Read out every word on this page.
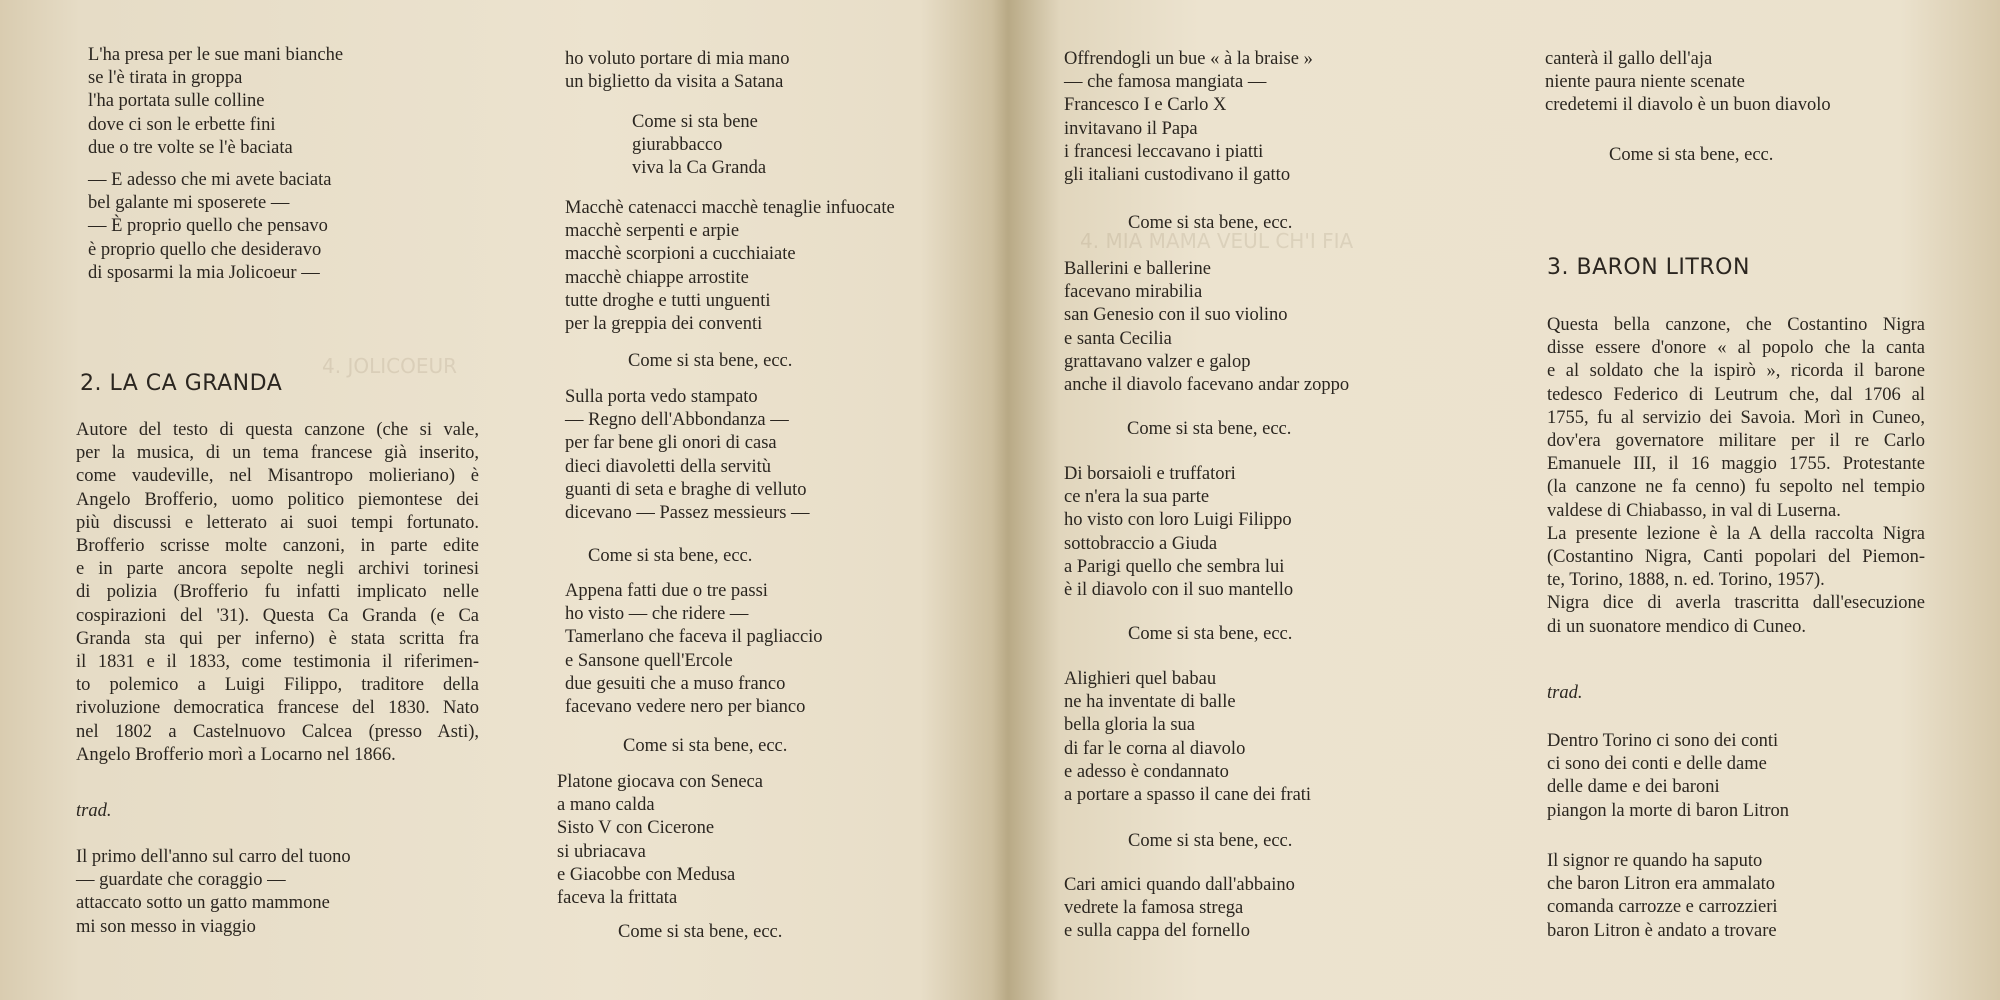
4. JOLICOEUR
4. MIA MAMA VEUL CH'I FIA
L'ha presa per le sue mani bianche
se l'è tirata in groppa
l'ha portata sulle colline
dove ci son le erbette fini
due o tre volte se l'è baciata
— E adesso che mi avete baciata
bel galante mi sposerete —
— È proprio quello che pensavo
è proprio quello che desideravo
di sposarmi la mia Jolicoeur —
2. LA CA GRANDA
Autore del testo di questa canzone (che si vale,
per la musica, di un tema francese già inserito,
come vaudeville, nel Misantropo molieriano) è
Angelo Brofferio, uomo politico piemontese dei
più discussi e letterato ai suoi tempi fortunato.
Brofferio scrisse molte canzoni, in parte edite
e in parte ancora sepolte negli archivi torinesi
di polizia (Brofferio fu infatti implicato nelle
cospirazioni del '31). Questa Ca Granda (e Ca
Granda sta qui per inferno) è stata scritta fra
il 1831 e il 1833, come testimonia il riferimen-
to polemico a Luigi Filippo, traditore della
rivoluzione democratica francese del 1830. Nato
nel 1802 a Castelnuovo Calcea (presso Asti),
Angelo Brofferio morì a Locarno nel 1866.
trad.
Il primo dell'anno sul carro del tuono
— guardate che coraggio —
attaccato sotto un gatto mammone
mi son messo in viaggio
ho voluto portare di mia mano
un biglietto da visita a Satana
Come si sta bene
giurabbacco
viva la Ca Granda
Macchè catenacci macchè tenaglie infuocate
macchè serpenti e arpie
macchè scorpioni a cucchiaiate
macchè chiappe arrostite
tutte droghe e tutti unguenti
per la greppia dei conventi
Come si sta bene, ecc.
Sulla porta vedo stampato
— Regno dell'Abbondanza —
per far bene gli onori di casa
dieci diavoletti della servitù
guanti di seta e braghe di velluto
dicevano — Passez messieurs —
Come si sta bene, ecc.
Appena fatti due o tre passi
ho visto — che ridere —
Tamerlano che faceva il pagliaccio
e Sansone quell'Ercole
due gesuiti che a muso franco
facevano vedere nero per bianco
Come si sta bene, ecc.
Platone giocava con Seneca
a mano calda
Sisto V con Cicerone
si ubriacava
e Giacobbe con Medusa
faceva la frittata
Come si sta bene, ecc.
Offrendogli un bue « à la braise »
— che famosa mangiata —
Francesco I e Carlo X
invitavano il Papa
i francesi leccavano i piatti
gli italiani custodivano il gatto
Come si sta bene, ecc.
Ballerini e ballerine
facevano mirabilia
san Genesio con il suo violino
e santa Cecilia
grattavano valzer e galop
anche il diavolo facevano andar zoppo
Come si sta bene, ecc.
Di borsaioli e truffatori
ce n'era la sua parte
ho visto con loro Luigi Filippo
sottobraccio a Giuda
a Parigi quello che sembra lui
è il diavolo con il suo mantello
Come si sta bene, ecc.
Alighieri quel babau
ne ha inventate di balle
bella gloria la sua
di far le corna al diavolo
e adesso è condannato
a portare a spasso il cane dei frati
Come si sta bene, ecc.
Cari amici quando dall'abbaino
vedrete la famosa strega
e sulla cappa del fornello
canterà il gallo dell'aja
niente paura niente scenate
credetemi il diavolo è un buon diavolo
Come si sta bene, ecc.
3. BARON LITRON
Questa bella canzone, che Costantino Nigra
disse essere d'onore « al popolo che la canta
e al soldato che la ispirò », ricorda il barone
tedesco Federico di Leutrum che, dal 1706 al
1755, fu al servizio dei Savoia. Morì in Cuneo,
dov'era governatore militare per il re Carlo
Emanuele III, il 16 maggio 1755. Protestante
(la canzone ne fa cenno) fu sepolto nel tempio
valdese di Chiabasso, in val di Luserna.
La presente lezione è la A della raccolta Nigra
(Costantino Nigra, Canti popolari del Piemon-
te, Torino, 1888, n. ed. Torino, 1957).
Nigra dice di averla trascritta dall'esecuzione
di un suonatore mendico di Cuneo.
trad.
Dentro Torino ci sono dei conti
ci sono dei conti e delle dame
delle dame e dei baroni
piangon la morte di baron Litron
Il signor re quando ha saputo
che baron Litron era ammalato
comanda carrozze e carrozzieri
baron Litron è andato a trovare
